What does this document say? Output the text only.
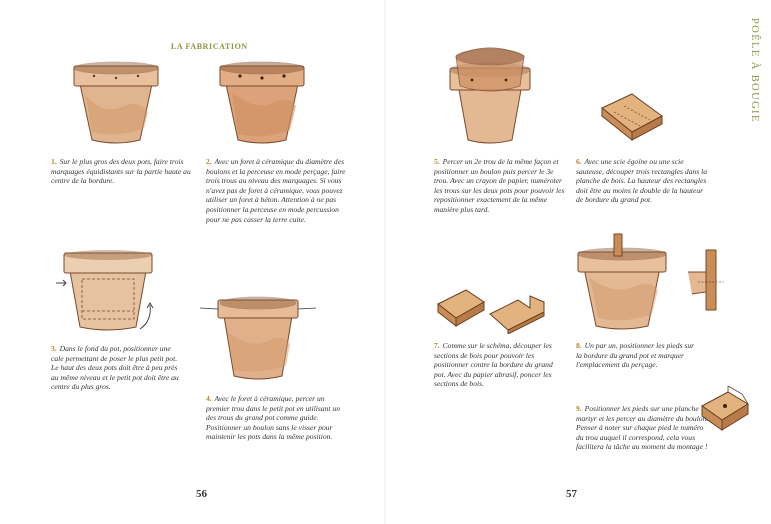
LA FABRICATION	POÊLE À BOUGIE

1. Sur le plus gros des deux pots, faire trois marquages équidistants sur la partie haute au centre de la bordure.

2. Avec un foret à céramique du diamètre des boulons et la perceuse en mode perçage, faire trois trous au niveau des marquages. Si vous n'avez pas de foret à céramique, vous pouvez utiliser un foret à béton. Attention à ne pas positionner la perceuse en mode percussion pour ne pas casser la terre cuite.

3. Dans le fond du pot, positionner une cale permettant de poser le plus petit pot. Le haut des deux pots doit être à peu près au même niveau et le petit pot doit être au centre du plus gros.

4. Avec le foret à céramique, percer un premier trou dans le petit pot en utilisant un des trous du grand pot comme guide. Positionner un boulon sans le visser pour maintenir les pots dans la même position.

5. Percer un 2e trou de la même façon et positionner un boulon puis percer le 3e trou. Avec un crayon de papier, numéroter les trous sur les deux pots pour pouvoir les repositionner exactement de la même manière plus tard.

6. Avec une scie égoïne ou une scie sauteuse, découper trois rectangles dans la planche de bois. La hauteur des rectangles doit être au moins le double de la hauteur de bordure du grand pot.

7. Comme sur le schéma, découper les sections de bois pour pouvoir les positionner contre la bordure du grand pot. Avec du papier abrasif, poncer les sections de bois.

8. Un par un, positionner les pieds sur la bordure du grand pot et marquer l'emplacement du perçage.

9. Positionner les pieds sur une planche martyr et les percer au diamètre du boulon. Penser à noter sur chaque pied le numéro du trou auquel il correspond, cela vous facilitera la tâche au moment du montage !

56	57
